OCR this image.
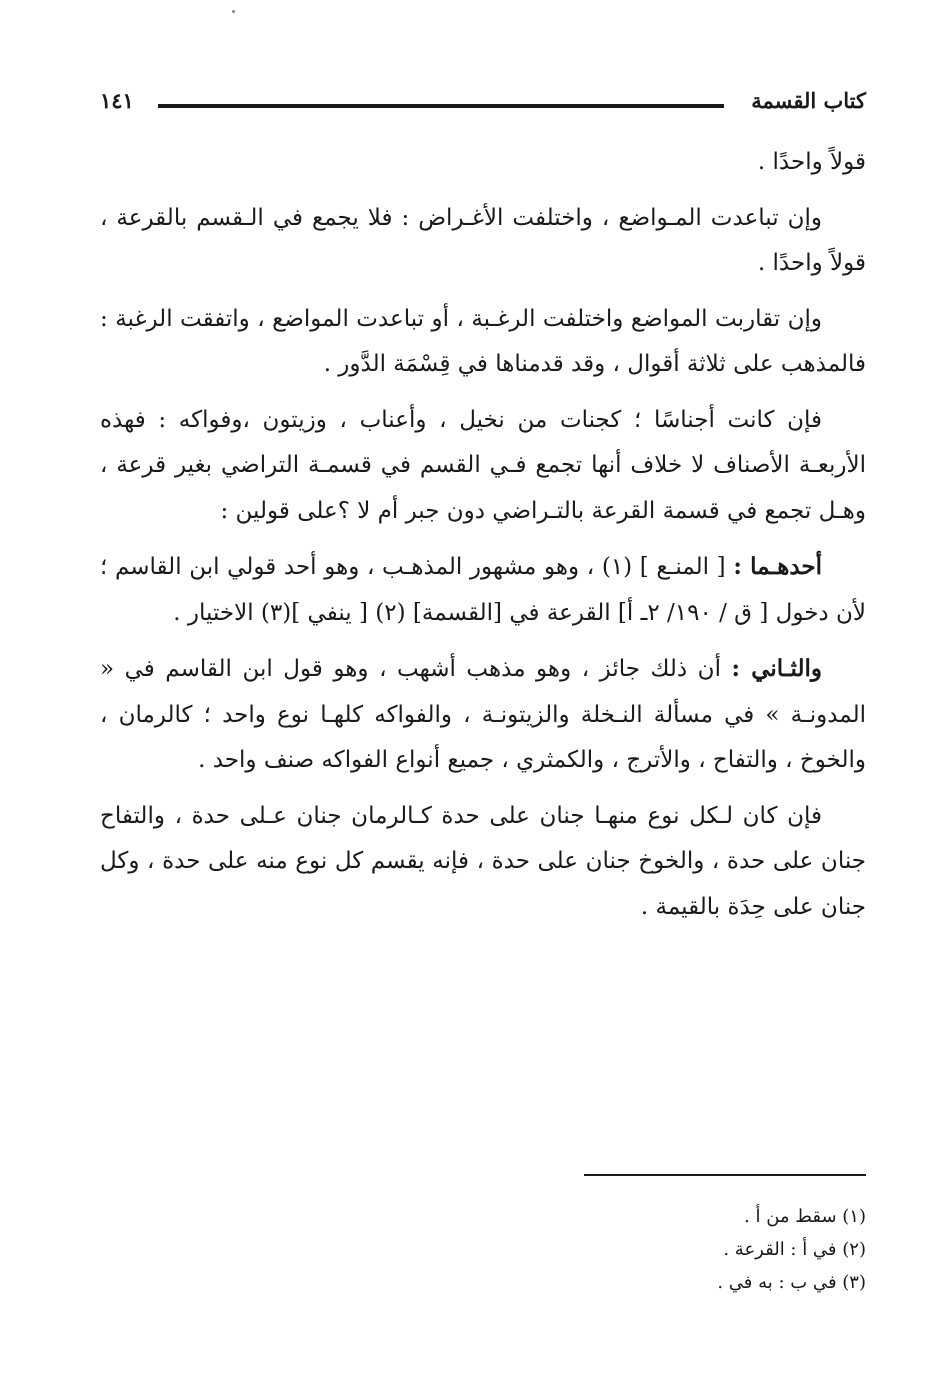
كتاب القسمة
١٤١

قولاً واحدًا .

وإن تباعدت المـواضع ، واختلفت الأغـراض : فلا يجمع في الـقسم بالقرعة ، قولاً واحدًا .

وإن تقاربت المواضع واختلفت الرغـبة ، أو تباعدت المواضع ، واتفقت الرغبة : فالمذهب على ثلاثة أقوال ، وقد قدمناها في قِسْمَة الدَّور .

فإن كانت أجناسًا ؛ كجنات من نخيل ، وأعناب ، وزيتون ،وفواكه : فهذه الأربعـة الأصناف لا خلاف أنها تجمع فـي القسم في قسمـة التراضي بغير قرعة ، وهـل تجمع في قسمة القرعة بالتـراضي دون جبر أم لا ؟على قولين :

أحدهـما : [ المنـع ] (١) ، وهو مشهور المذهـب ، وهو أحد قولي ابن القاسم ؛ لأن دخول [ ق / ١٩٠/ ٢ـ أ] القرعة في [القسمة] (٢) [ ينفي ](٣) الاختيار .

والثـاني : أن ذلك جائز ، وهو مذهب أشهب ، وهو قول ابن القاسم في « المدونـة » في مسألة النـخلة والزيتونـة ، والفواكه كلهـا نوع واحد ؛ كالرمان ، والخوخ ، والتفاح ، والأترج ، والكمثري ، جميع أنواع الفواكه صنف واحد .

فإن كان لـكل نوع منهـا جنان على حدة كـالرمان جنان عـلى حدة ، والتفاح جنان على حدة ، والخوخ جنان على حدة ، فإنه يقسم كل نوع منه على حدة ، وكل جنان على حِدَة بالقيمة .

(١) سقط من أ .

(٢) في أ : القرعة .

(٣) في ب : به في .
